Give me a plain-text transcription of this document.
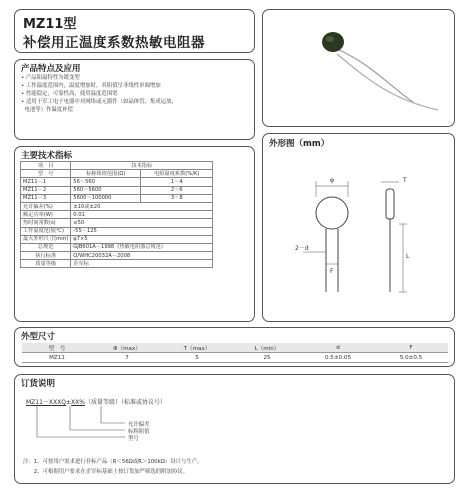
MZ11型
补偿用正温度系数热敏电阻器
产品特点及应用
• 产品阻温特性为缓变型
• 工作温度范围内，温度增加时，其阻值呈非线性单调增加
• 性能稳定，可靠性高，使用温度范围宽
• 适用于军工电子电器中对网络或元器件（如晶体管、集成运放、
电池等）作温度补偿
主要技术指标
项　目	技术指标	
型　号	标称阻值范围(Ω)	电阻温度系数(%/K)
MZ11－1	56～560	1～4
MZ11－2	560～5600	2～6
MZ11－3	5600～100000	3～8
允许偏差(%)	±10或±20	
额定功率(W)	0.01	
热时间常数(s)	≤50	
工作温度范围(℃)	-55～125	
最大外形尺寸(mm)	φ7×5	
总规范	GJB601A－1998《热敏电阻器总规范》	
执行标准	Q/WHC20032A－2008	
质量等级	企军标	
外形图（mm）
φ
2－d
F
T
L
外型尺寸
型　号	Φ（max）	T（max）	L（min）	d	F
MZ11	7	5	25	0.5±0.05	5.0±0.5
订货说明
MZ11－XXXQ±XX%（质量等级）（标准或协议号）
允许偏差
标称阻值
型号
注：1、可按用户需求进行非标产品（R＜56Ω或R＞100kΩ）设计与生产。
　　2、可根据用户要求在企军标基础上按订货加严筛选的附加协议。
